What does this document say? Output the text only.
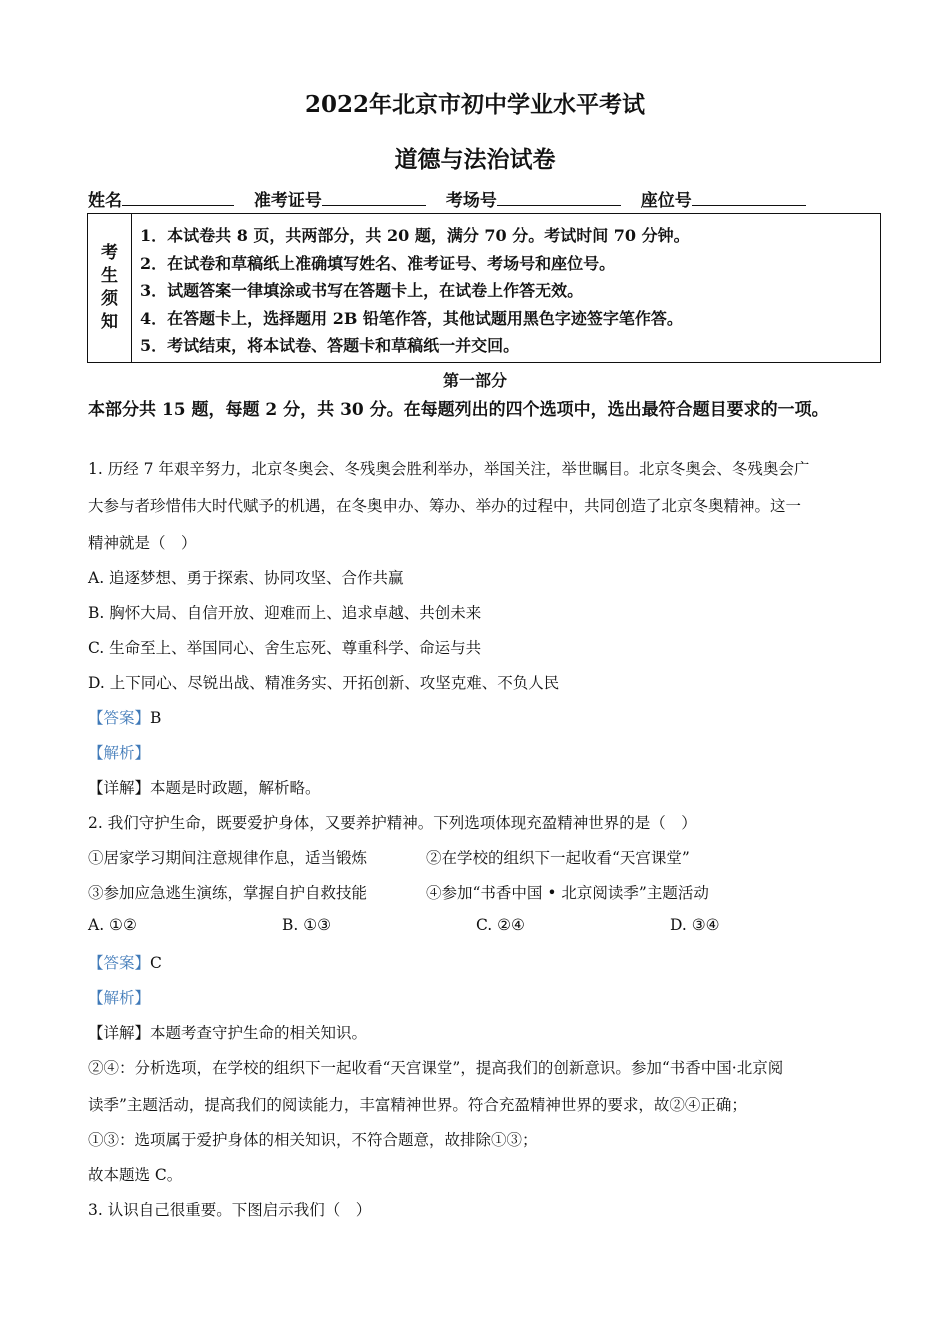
2022年北京市初中学业水平考试
道德与法治试卷
姓名	准考证号	考场号	座位号
考
生
须
知
1．本试卷共 8 页，共两部分，共 20 题，满分 70 分。考试时间 70 分钟。
2．在试卷和草稿纸上准确填写姓名、准考证号、考场号和座位号。
3．试题答案一律填涂或书写在答题卡上，在试卷上作答无效。
4．在答题卡上，选择题用 2B 铅笔作答，其他试题用黑色字迹签字笔作答。
5．考试结束，将本试卷、答题卡和草稿纸一并交回。
第一部分
本部分共 15 题，每题 2 分，共 30 分。在每题列出的四个选项中，选出最符合题目要求的一项。
1. 历经 7 年艰辛努力，北京冬奥会、冬残奥会胜利举办，举国关注，举世瞩目。北京冬奥会、冬残奥会广
大参与者珍惜伟大时代赋予的机遇，在冬奥申办、筹办、举办的过程中，共同创造了北京冬奥精神。这一
精神就是（　）
A. 追逐梦想、勇于探索、协同攻坚、合作共赢
B. 胸怀大局、自信开放、迎难而上、追求卓越、共创未来
C. 生命至上、举国同心、舍生忘死、尊重科学、命运与共
D. 上下同心、尽锐出战、精准务实、开拓创新、攻坚克难、不负人民
【答案】B
【解析】
【详解】本题是时政题，解析略。
2. 我们守护生命，既要爱护身体，又要养护精神。下列选项体现充盈精神世界的是（　）
①居家学习期间注意规律作息，适当锻炼	②在学校的组织下一起收看“天宫课堂”
③参加应急逃生演练，掌握自护自救技能	④参加“书香中国 • 北京阅读季”主题活动
A. ①②	B. ①③	C. ②④	D. ③④
【答案】C
【解析】
【详解】本题考查守护生命的相关知识。
②④：分析选项，在学校的组织下一起收看“天宫课堂”，提高我们的创新意识。参加“书香中国·北京阅
读季”主题活动，提高我们的阅读能力，丰富精神世界。符合充盈精神世界的要求，故②④正确；
①③：选项属于爱护身体的相关知识，不符合题意，故排除①③；
故本题选 C。
3. 认识自己很重要。下图启示我们（　）
